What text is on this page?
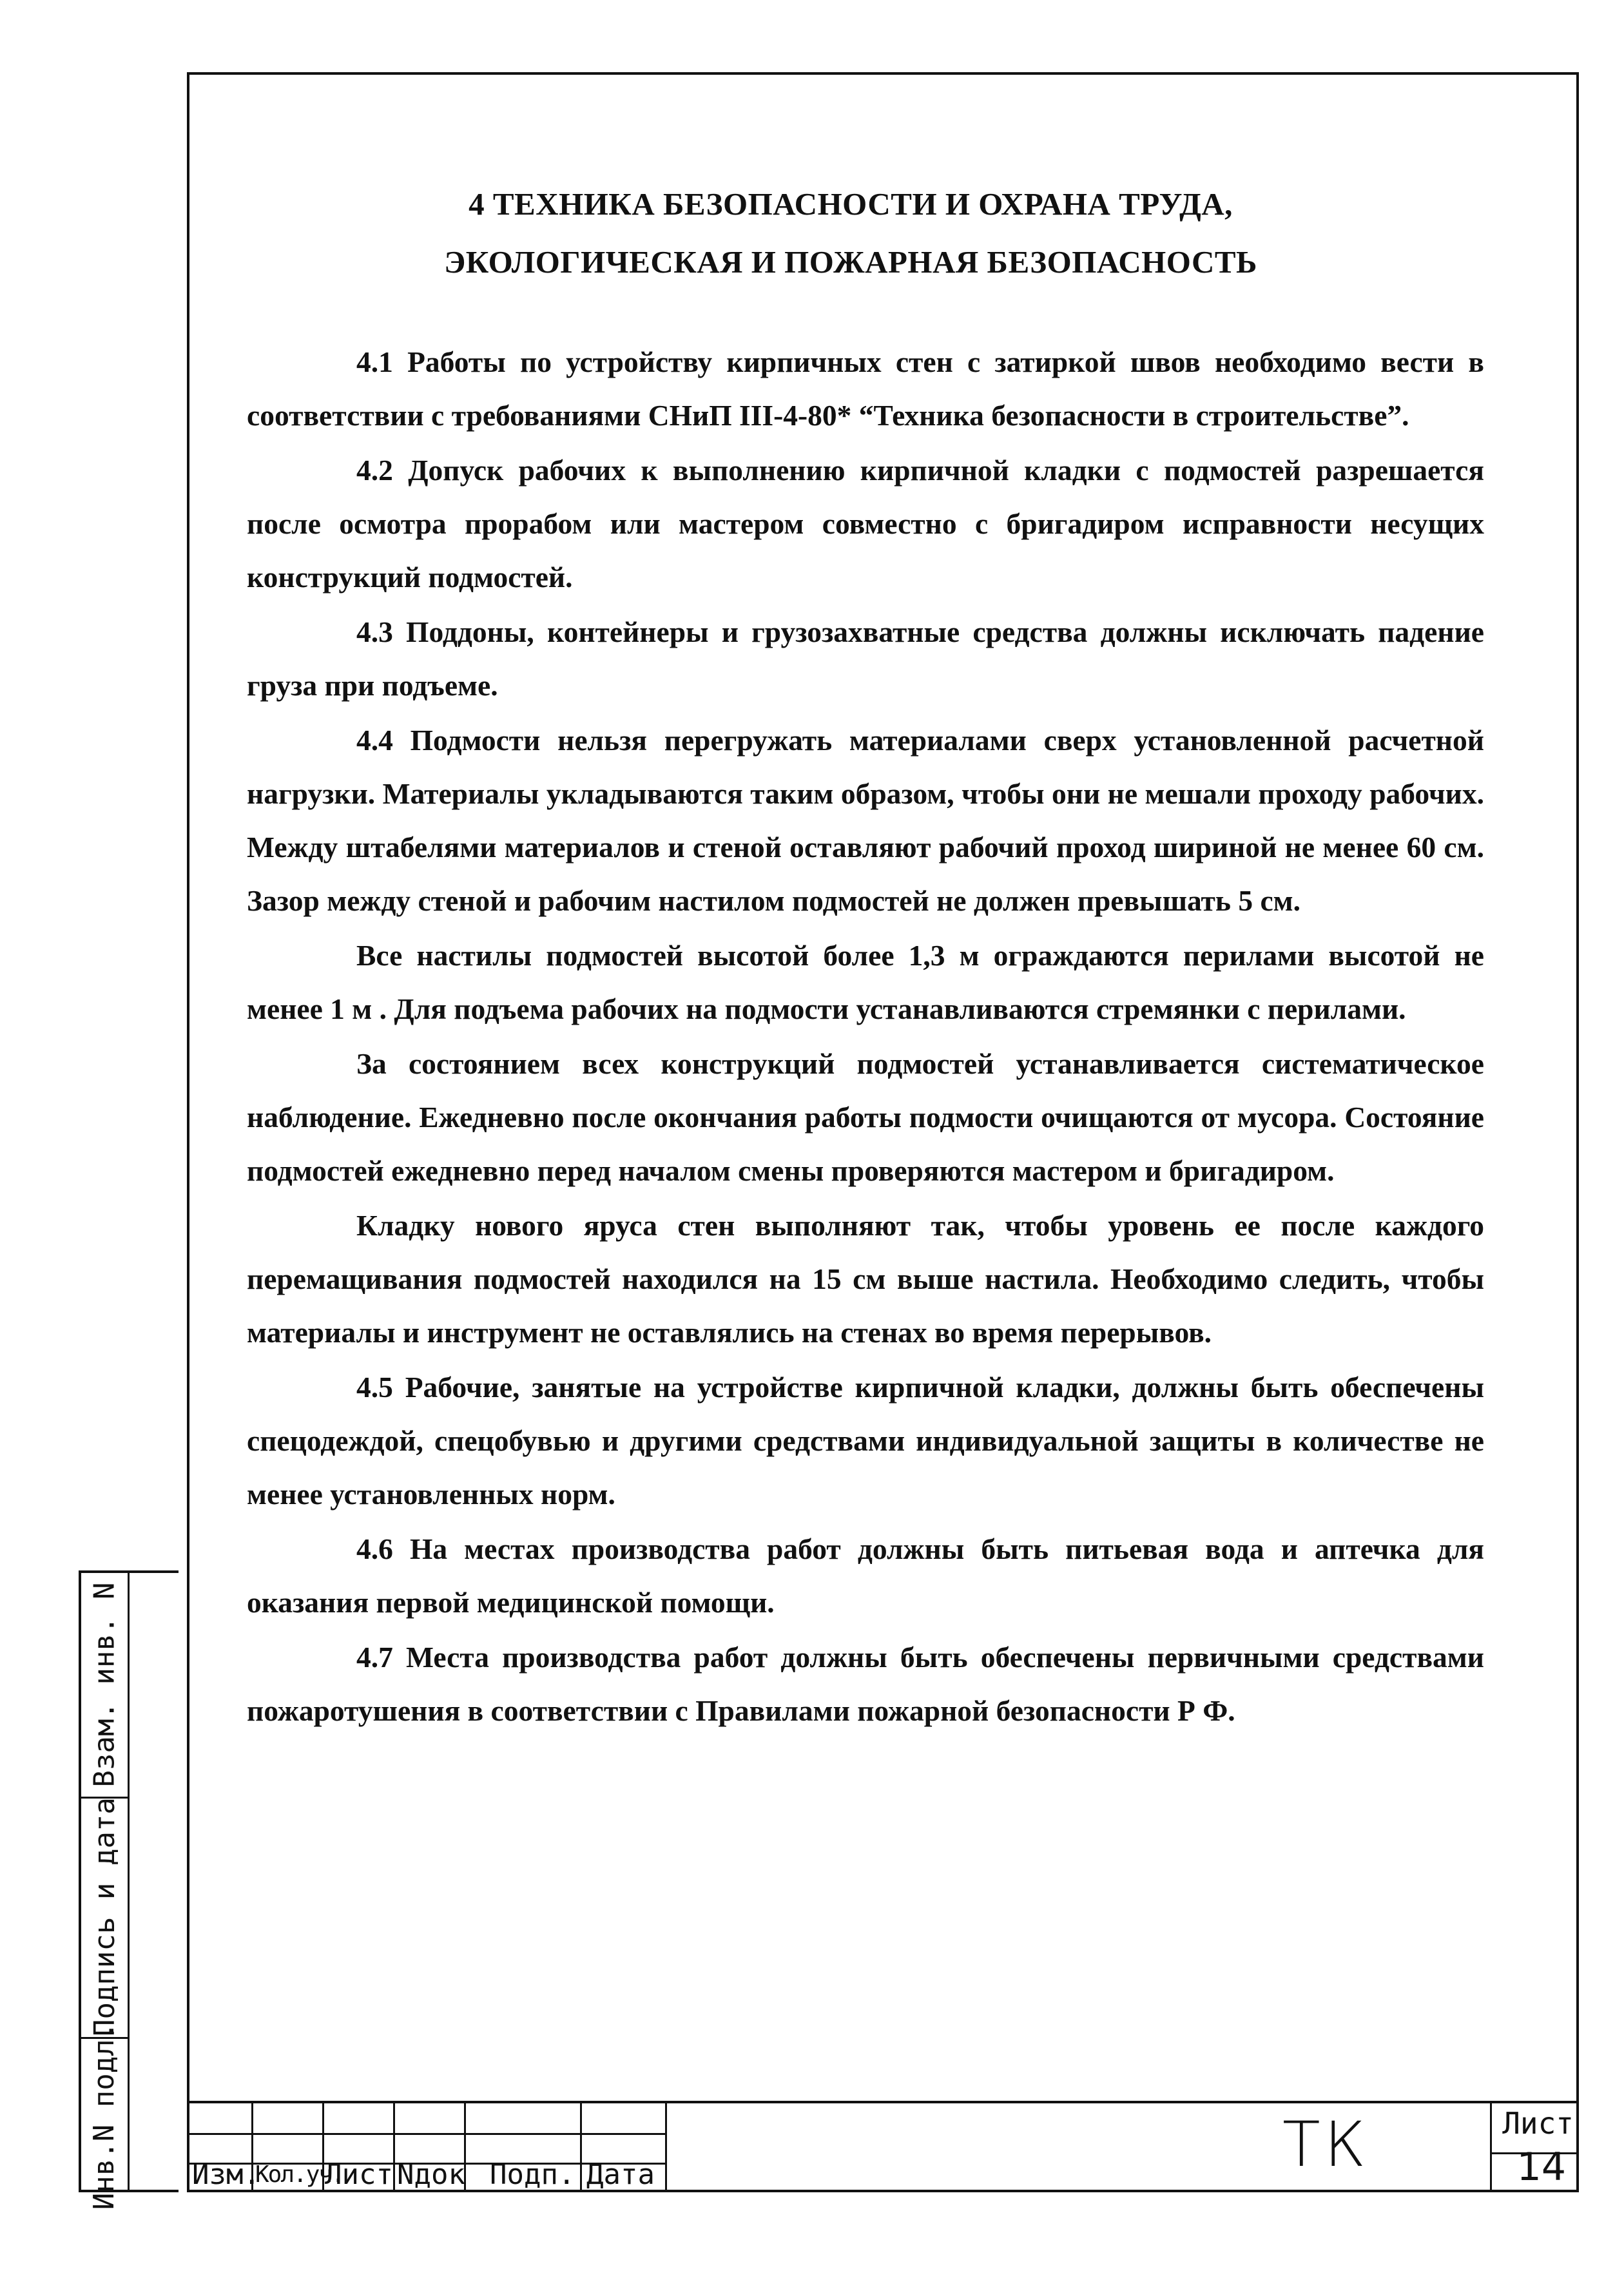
Взам. инв. N
Подпись и дата
Инв.N подл.
4 ТЕХНИКА БЕЗОПАСНОСТИ И ОХРАНА ТРУДА,
ЭКОЛОГИЧЕСКАЯ И ПОЖАРНАЯ БЕЗОПАСНОСТЬ

4.1 Работы по устройству кирпичных стен с затиркой швов необходимо вести в соответствии с требованиями СНиП III-4-80* “Техника безопасности в строительстве”.

4.2 Допуск рабочих к выполнению кирпичной кладки с подмостей разрешается после осмотра прорабом или мастером совместно с бригадиром исправности несущих конструкций подмостей.

4.3 Поддоны, контейнеры и грузозахватные средства должны исключать падение груза при подъеме.

4.4 Подмости нельзя перегружать материалами сверх установленной расчетной нагрузки. Материалы укладываются таким образом, чтобы они не мешали проходу рабочих. Между штабелями материалов и стеной оставляют рабочий проход шириной не менее 60 см. Зазор между стеной и рабочим настилом подмостей не должен превышать 5 см.

Все настилы подмостей высотой более 1,3 м ограждаются перилами высотой не менее 1 м . Для подъема рабочих на подмости устанавливаются стремянки с перилами.

За состоянием всех конструкций подмостей устанавливается систематическое наблюдение. Ежедневно после окончания работы подмости очищаются от мусора. Состояние подмостей ежедневно перед началом смены проверяются мастером и бригадиром.

Кладку нового яруса стен выполняют так, чтобы уровень ее после каждого перемащивания подмостей находился на 15 см выше настила. Необходимо следить, чтобы материалы и инструмент не оставлялись на стенах во время перерывов.

4.5 Рабочие, занятые на устройстве кирпичной кладки, должны быть обеспечены спецодеждой, спецобувью и другими средствами индивидуальной защиты в количестве не менее установленных норм.

4.6 На местах производства работ должны быть питьевая вода и аптечка для оказания первой медицинской помощи.

4.7 Места производства работ должны быть обеспечены первичными средствами пожаротушения в соответствии с Правилами пожарной безопасности Р Ф.

Изм.
Кол.уч.
Лист Nдок Подп. Дата	ТК	Лист
14
